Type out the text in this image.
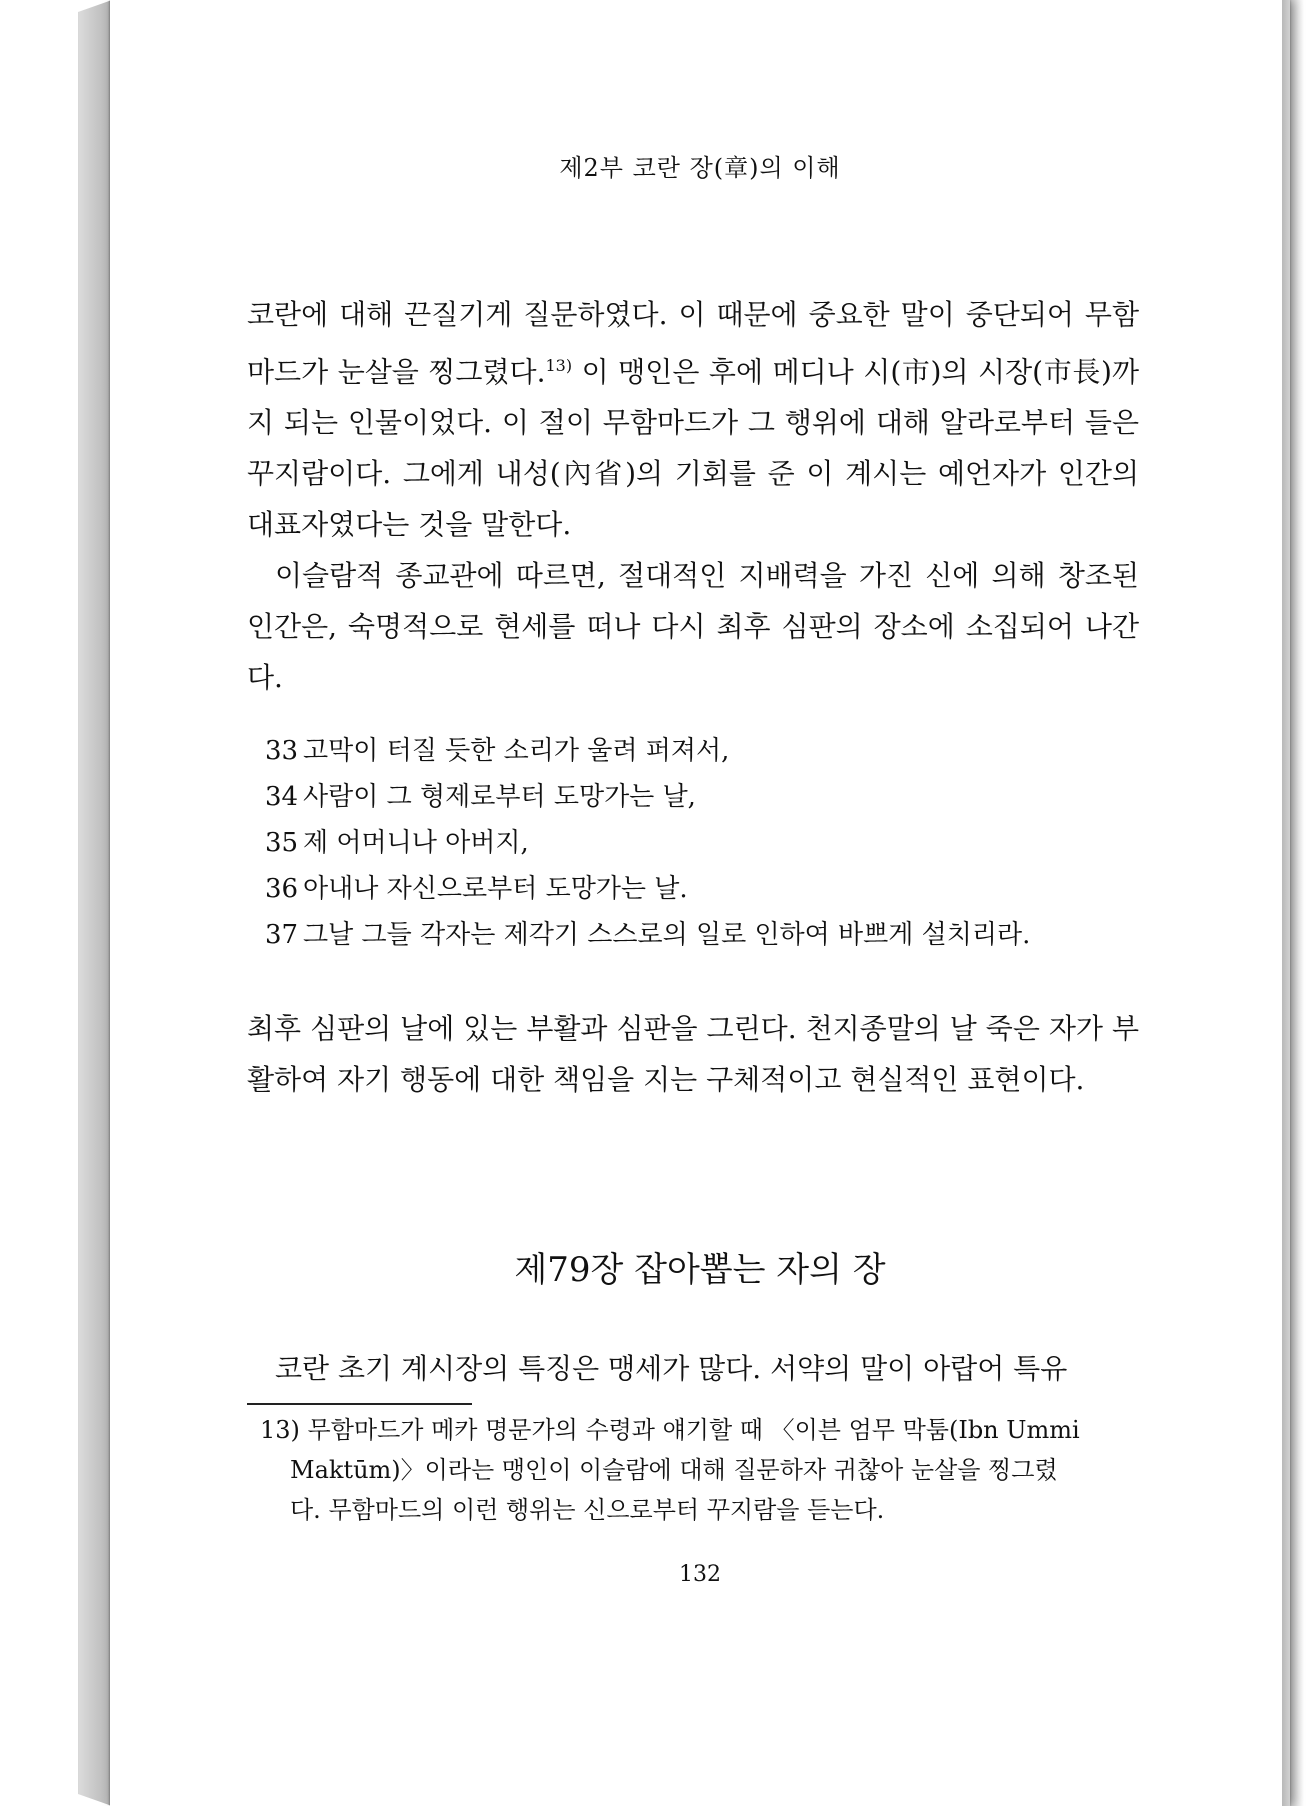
제2부 코란 장(章)의 이해

코란에 대해 끈질기게 질문하였다. 이 때문에 중요한 말이 중단되어 무함마드가 눈살을 찡그렸다.$^{13)}$ 이 맹인은 후에 메디나 시(市)의 시장(市長)까지 되는 인물이었다. 이 절이 무함마드가 그 행위에 대해 알라로부터 들은 꾸지람이다. 그에게 내성(內省)의 기회를 준 이 계시는 예언자가 인간의 대표자였다는 것을 말한다.

이슬람적 종교관에 따르면, 절대적인 지배력을 가진 신에 의해 창조된 인간은, 숙명적으로 현세를 떠나 다시 최후 심판의 장소에 소집되어 나간다.

33 고막이 터질 듯한 소리가 울려 퍼져서,

34 사람이 그 형제로부터 도망가는 날,

35 제 어머니나 아버지,

36 아내나 자신으로부터 도망가는 날.

37 그날 그들 각자는 제각기 스스로의 일로 인하여 바쁘게 설치리라.

최후 심판의 날에 있는 부활과 심판을 그린다. 천지종말의 날 죽은 자가 부활하여 자기 행동에 대한 책임을 지는 구체적이고 현실적인 표현이다.

제79장 잡아뽑는 자의 장

코란 초기 계시장의 특징은 맹세가 많다. 서약의 말이 아랍어 특유

13) 무함마드가 메카 명문가의 수령과 얘기할 때 〈이븐 엄무 막툼(Ibn Ummi

Maktūm)〉이라는 맹인이 이슬람에 대해 질문하자 귀찮아 눈살을 찡그렸

다. 무함마드의 이런 행위는 신으로부터 꾸지람을 듣는다.

132
